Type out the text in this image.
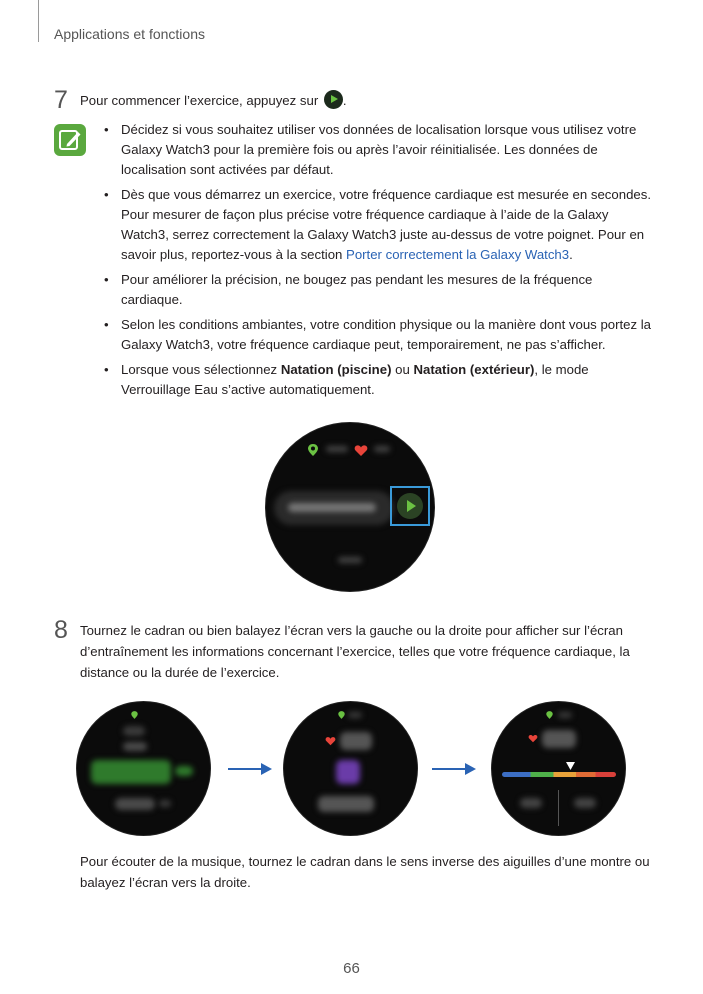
Applications et fonctions
7 Pour commencer l’exercice, appuyez sur .
• Décidez si vous souhaitez utiliser vos données de localisation lorsque vous utilisez votre Galaxy Watch3 pour la première fois ou après l’avoir réinitialisée. Les données de localisation sont activées par défaut.
• Dès que vous démarrez un exercice, votre fréquence cardiaque est mesurée en secondes. Pour mesurer de façon plus précise votre fréquence cardiaque à l’aide de la Galaxy Watch3, serrez correctement la Galaxy Watch3 juste au-dessus de votre poignet. Pour en savoir plus, reportez-vous à la section Porter correctement la Galaxy Watch3.
• Pour améliorer la précision, ne bougez pas pendant les mesures de la fréquence cardiaque.
• Selon les conditions ambiantes, votre condition physique ou la manière dont vous portez la Galaxy Watch3, votre fréquence cardiaque peut, temporairement, ne pas s’afficher.
• Lorsque vous sélectionnez Natation (piscine) ou Natation (extérieur), le mode Verrouillage Eau s’active automatiquement.
8 Tournez le cadran ou bien balayez l’écran vers la gauche ou la droite pour afficher sur l’écran d’entraînement les informations concernant l’exercice, telles que votre fréquence cardiaque, la distance ou la durée de l’exercice.
Pour écouter de la musique, tournez le cadran dans le sens inverse des aiguilles d’une montre ou balayez l’écran vers la droite.
66
